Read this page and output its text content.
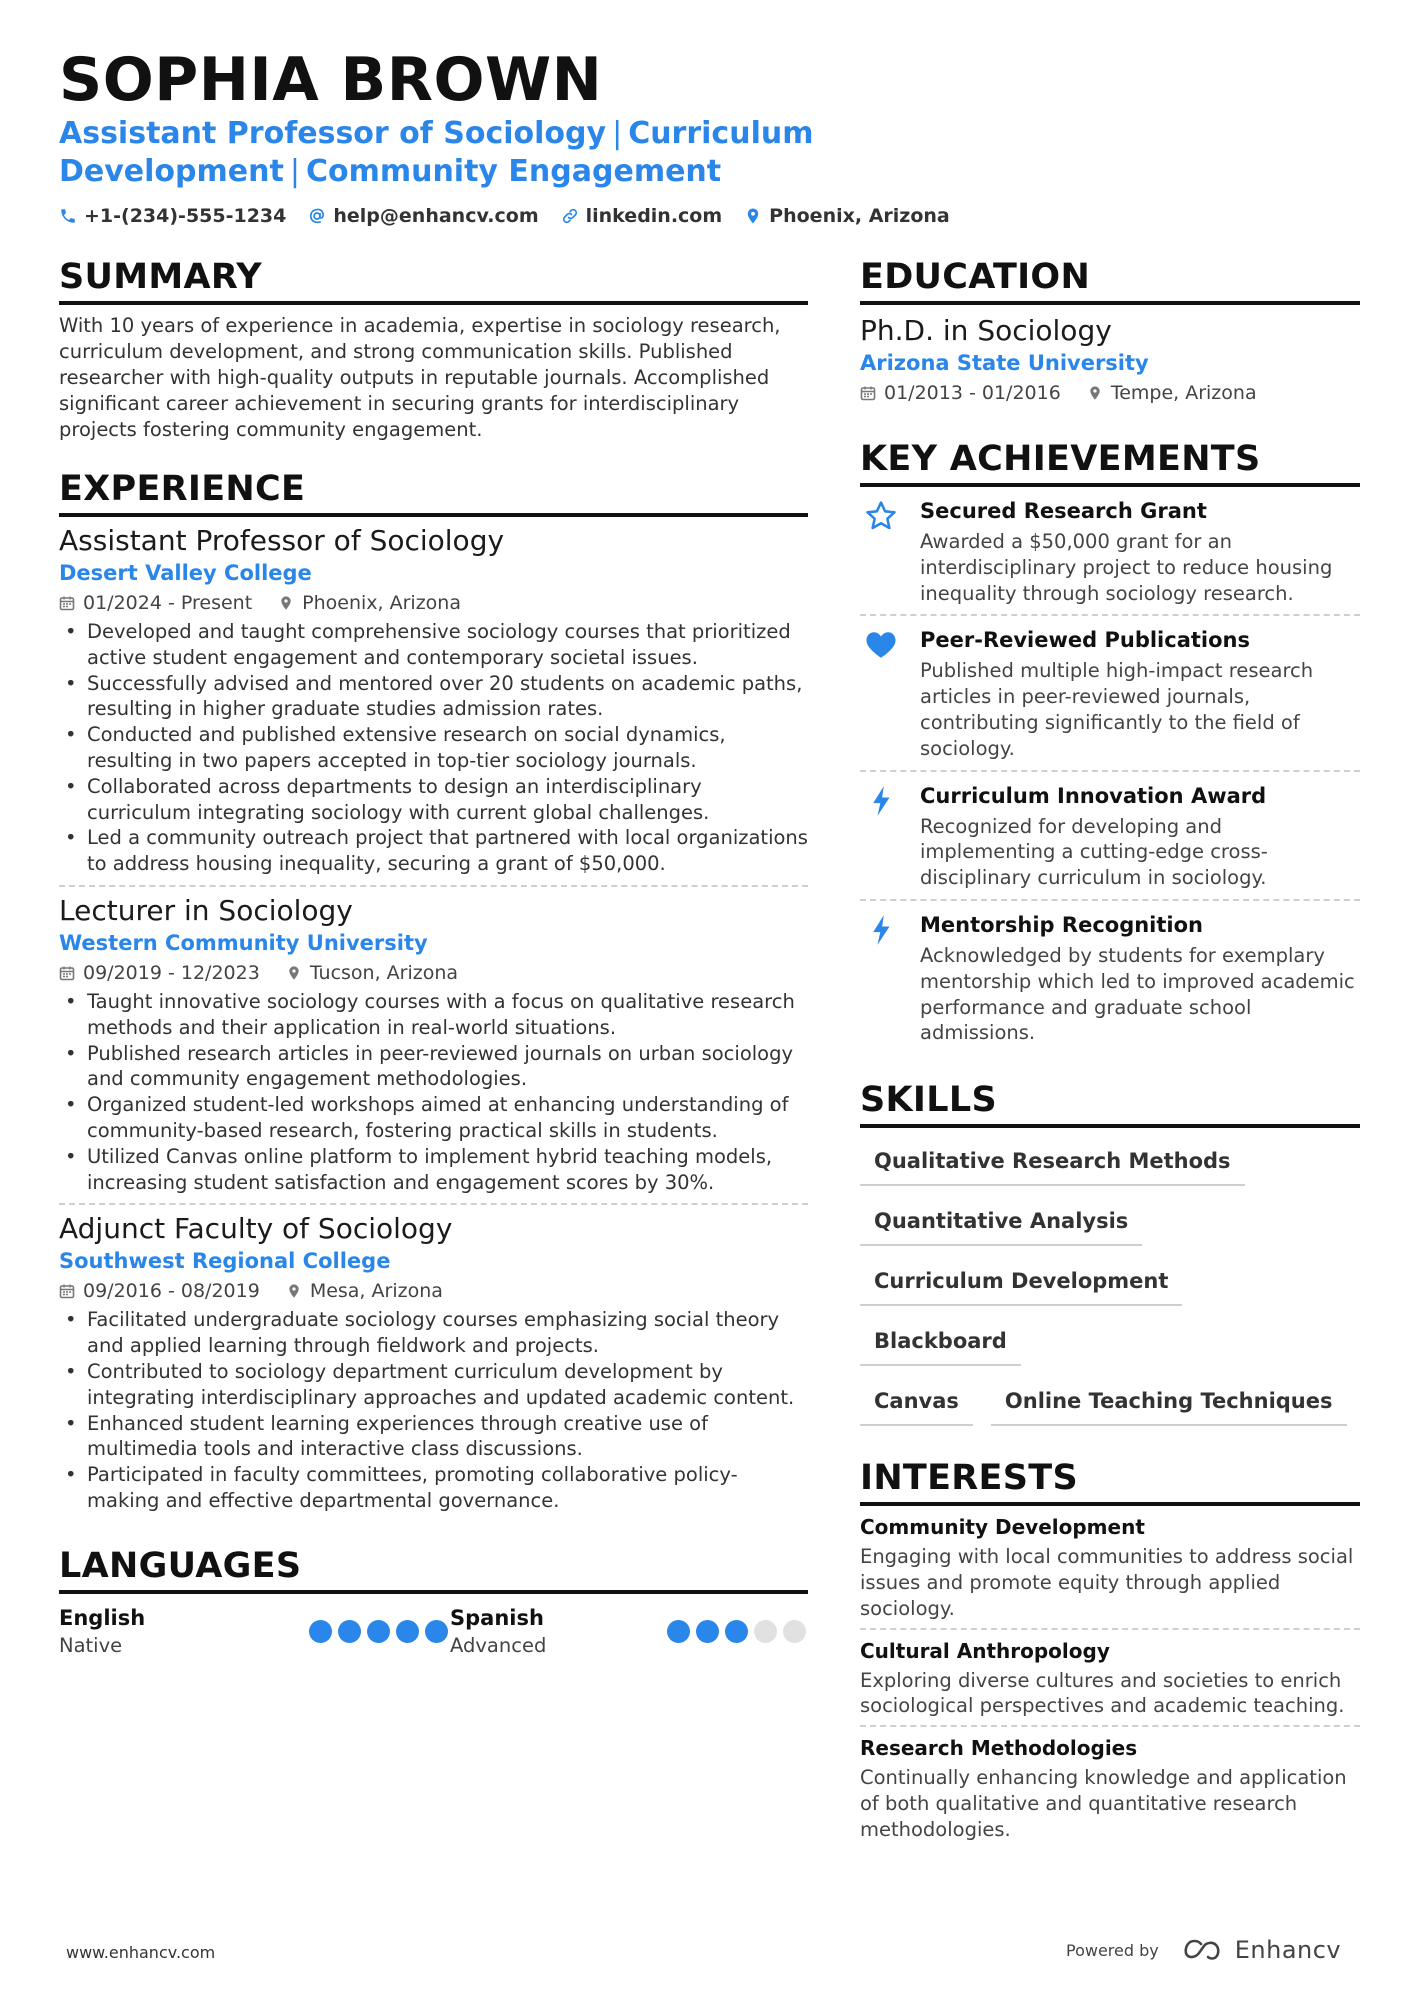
SOPHIA BROWN
Assistant Professor of Sociology | Curriculum Development | Community Engagement
+1-(234)-555-1234 help@enhancv.com linkedin.com Phoenix, Arizona
SUMMARY
With 10 years of experience in academia, expertise in sociology research, curriculum development, and strong communication skills. Published researcher with high-quality outputs in reputable journals. Accomplished significant career achievement in securing grants for interdisciplinary projects fostering community engagement.
EXPERIENCE
Assistant Professor of Sociology
Desert Valley College
01/2024 - Present	Phoenix, Arizona
• Developed and taught comprehensive sociology courses that prioritized active student engagement and contemporary societal issues.
• Successfully advised and mentored over 20 students on academic paths, resulting in higher graduate studies admission rates.
• Conducted and published extensive research on social dynamics, resulting in two papers accepted in top-tier sociology journals.
• Collaborated across departments to design an interdisciplinary curriculum integrating sociology with current global challenges.
• Led a community outreach project that partnered with local organizations to address housing inequality, securing a grant of $50,000.
Lecturer in Sociology
Western Community University
09/2019 - 12/2023	Tucson, Arizona
• Taught innovative sociology courses with a focus on qualitative research methods and their application in real-world situations.
• Published research articles in peer-reviewed journals on urban sociology and community engagement methodologies.
• Organized student-led workshops aimed at enhancing understanding of community-based research, fostering practical skills in students.
• Utilized Canvas online platform to implement hybrid teaching models, increasing student satisfaction and engagement scores by 30%.
Adjunct Faculty of Sociology
Southwest Regional College
09/2016 - 08/2019	Mesa, Arizona
• Facilitated undergraduate sociology courses emphasizing social theory and applied learning through fieldwork and projects.
• Contributed to sociology department curriculum development by integrating interdisciplinary approaches and updated academic content.
• Enhanced student learning experiences through creative use of multimedia tools and interactive class discussions.
• Participated in faculty committees, promoting collaborative policy-making and effective departmental governance.
LANGUAGES
English
Native
Spanish
Advanced
EDUCATION
Ph.D. in Sociology
Arizona State University
01/2013 - 01/2016	Tempe, Arizona
KEY ACHIEVEMENTS
Secured Research Grant
Awarded a $50,000 grant for an interdisciplinary project to reduce housing inequality through sociology research.
Peer-Reviewed Publications
Published multiple high-impact research articles in peer-reviewed journals, contributing significantly to the field of sociology.
Curriculum Innovation Award
Recognized for developing and implementing a cutting-edge cross-disciplinary curriculum in sociology.
Mentorship Recognition
Acknowledged by students for exemplary mentorship which led to improved academic performance and graduate school admissions.
SKILLS
Qualitative Research Methods
Quantitative Analysis
Curriculum Development
Blackboard
Canvas	Online Teaching Techniques
INTERESTS
Community Development
Engaging with local communities to address social issues and promote equity through applied sociology.
Cultural Anthropology
Exploring diverse cultures and societies to enrich sociological perspectives and academic teaching.
Research Methodologies
Continually enhancing knowledge and application of both qualitative and quantitative research methodologies.
www.enhancv.com	Powered by	Enhancv
